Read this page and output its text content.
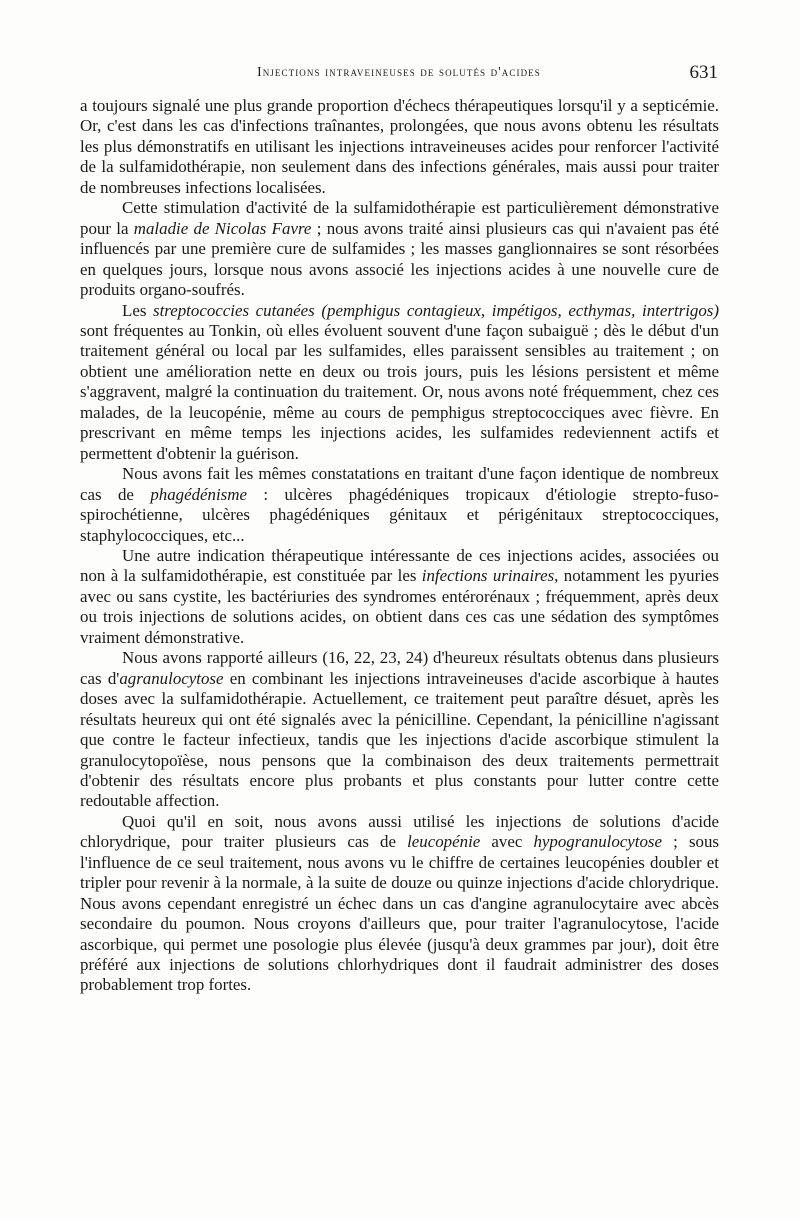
Injections intraveineuses de solutés d'acides	631

a toujours signalé une plus grande proportion d'échecs thérapeutiques lorsqu'il y a septicémie. Or, c'est dans les cas d'infections traînantes, prolongées, que nous avons obtenu les résultats les plus démonstratifs en utilisant les injections intraveineuses acides pour renforcer l'activité de la sulfamidothérapie, non seulement dans des infections générales, mais aussi pour traiter de nombreuses infections localisées.

Cette stimulation d'activité de la sulfamidothérapie est particulièrement démonstrative pour la maladie de Nicolas Favre ; nous avons traité ainsi plusieurs cas qui n'avaient pas été influencés par une première cure de sulfamides ; les masses ganglionnaires se sont résorbées en quelques jours, lorsque nous avons associé les injections acides à une nouvelle cure de produits organo-soufrés.

Les streptococcies cutanées (pemphigus contagieux, impétigos, ecthymas, intertrigos) sont fréquentes au Tonkin, où elles évoluent souvent d'une façon subaiguë ; dès le début d'un traitement général ou local par les sulfamides, elles paraissent sensibles au traitement ; on obtient une amélioration nette en deux ou trois jours, puis les lésions persistent et même s'aggravent, malgré la continuation du traitement. Or, nous avons noté fréquemment, chez ces malades, de la leucopénie, même au cours de pemphigus streptococciques avec fièvre. En prescrivant en même temps les injections acides, les sulfamides redeviennent actifs et permettent d'obtenir la guérison.

Nous avons fait les mêmes constatations en traitant d'une façon identique de nombreux cas de phagédénisme : ulcères phagédéniques tropicaux d'étiologie strepto-fuso-spirochétienne, ulcères phagédéniques génitaux et périgénitaux streptococciques, staphylococciques, etc...

Une autre indication thérapeutique intéressante de ces injections acides, associées ou non à la sulfamidothérapie, est constituée par les infections urinaires, notamment les pyuries avec ou sans cystite, les bactériuries des syndromes entérorénaux ; fréquemment, après deux ou trois injections de solutions acides, on obtient dans ces cas une sédation des symptômes vraiment démonstrative.

Nous avons rapporté ailleurs (16, 22, 23, 24) d'heureux résultats obtenus dans plusieurs cas d'agranulocytose en combinant les injections intraveineuses d'acide ascorbique à hautes doses avec la sulfamidothérapie. Actuellement, ce traitement peut paraître désuet, après les résultats heureux qui ont été signalés avec la pénicilline. Cependant, la pénicilline n'agissant que contre le facteur infectieux, tandis que les injections d'acide ascorbique stimulent la granulocytopoïèse, nous pensons que la combinaison des deux traitements permettrait d'obtenir des résultats encore plus probants et plus constants pour lutter contre cette redoutable affection.

Quoi qu'il en soit, nous avons aussi utilisé les injections de solutions d'acide chlorydrique, pour traiter plusieurs cas de leucopénie avec hypogranulocytose ; sous l'influence de ce seul traitement, nous avons vu le chiffre de certaines leucopénies doubler et tripler pour revenir à la normale, à la suite de douze ou quinze injections d'acide chlorydrique. Nous avons cependant enregistré un échec dans un cas d'angine agranulocytaire avec abcès secondaire du poumon. Nous croyons d'ailleurs que, pour traiter l'agranulocytose, l'acide ascorbique, qui permet une posologie plus élevée (jusqu'à deux grammes par jour), doit être préféré aux injections de solutions chlorhydriques dont il faudrait administrer des doses probablement trop fortes.
